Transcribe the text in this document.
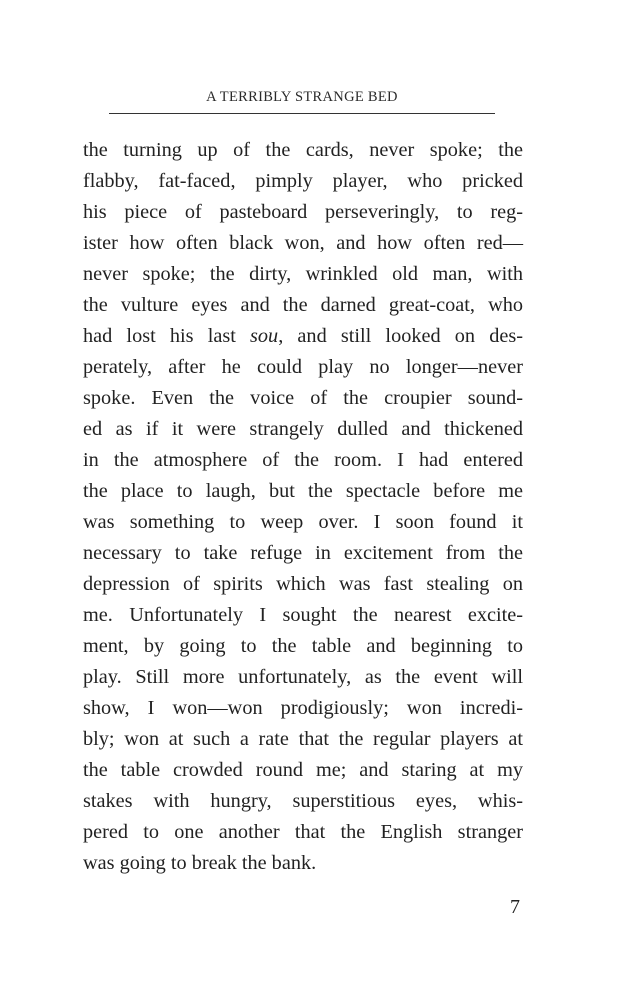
A TERRIBLY STRANGE BED
the turning up of the cards, never spoke; the
flabby, fat-faced, pimply player, who pricked
his piece of pasteboard perseveringly, to reg-
ister how often black won, and how often red—
never spoke; the dirty, wrinkled old man, with
the vulture eyes and the darned great-coat, who
had lost his last sou, and still looked on des-
perately, after he could play no longer—never
spoke. Even the voice of the croupier sound-
ed as if it were strangely dulled and thickened
in the atmosphere of the room. I had entered
the place to laugh, but the spectacle before me
was something to weep over. I soon found it
necessary to take refuge in excitement from the
depression of spirits which was fast stealing on
me. Unfortunately I sought the nearest excite-
ment, by going to the table and beginning to
play. Still more unfortunately, as the event will
show, I won—won prodigiously; won incredi-
bly; won at such a rate that the regular players at
the table crowded round me; and staring at my
stakes with hungry, superstitious eyes, whis-
pered to one another that the English stranger
was going to break the bank.
7
